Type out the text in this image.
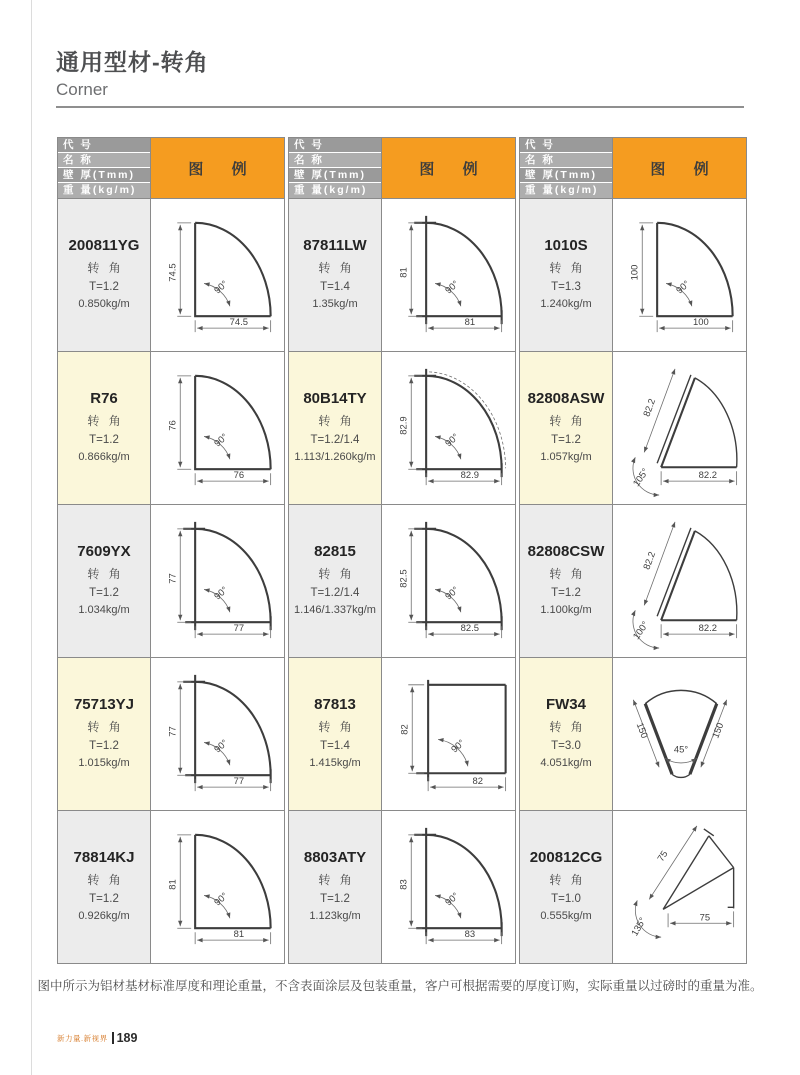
通用型材-转角
Corner
代 号
名 称
壁 厚(Tmm)
重 量(kg/m)
图 例
200811YG
转 角
T=1.2
0.850kg/m
74.5
74.5
90°
R76
转 角
T=1.2
0.866kg/m
76
76
90°
7609YX
转 角
T=1.2
1.034kg/m
77
77
90°
75713YJ
转 角
T=1.2
1.015kg/m
77
77
90°
78814KJ
转 角
T=1.2
0.926kg/m
81
81
90°
代 号
名 称
壁 厚(Tmm)
重 量(kg/m)
图 例
87811LW
转 角
T=1.4
1.35kg/m
81
81
90°
80B14TY
转 角
T=1.2/1.4
1.113/1.260kg/m
82.9
82.9
90°
82815
转 角
T=1.2/1.4
1.146/1.337kg/m
82.5
82.5
90°
87813
转 角
T=1.4
1.415kg/m
82
82
90°
8803ATY
转 角
T=1.2
1.123kg/m
83
83
90°
代 号
名 称
壁 厚(Tmm)
重 量(kg/m)
图 例
1010S
转 角
T=1.3
1.240kg/m
100
100
90°
82808ASW
转 角
T=1.2
1.057kg/m
82.2
82.2
105°
82808CSW
转 角
T=1.2
1.100kg/m
82.2
82.2
100°
FW34
转 角
T=3.0
4.051kg/m
150	150
45°
200812CG
转 角
T=1.0
0.555kg/m
75
75
135°

图中所示为铝材基材标准厚度和理论重量，不含表面涂层及包装重量，客户可根据需要的厚度订购，实际重量以过磅时的重量为准。

新力量.新视界 189
